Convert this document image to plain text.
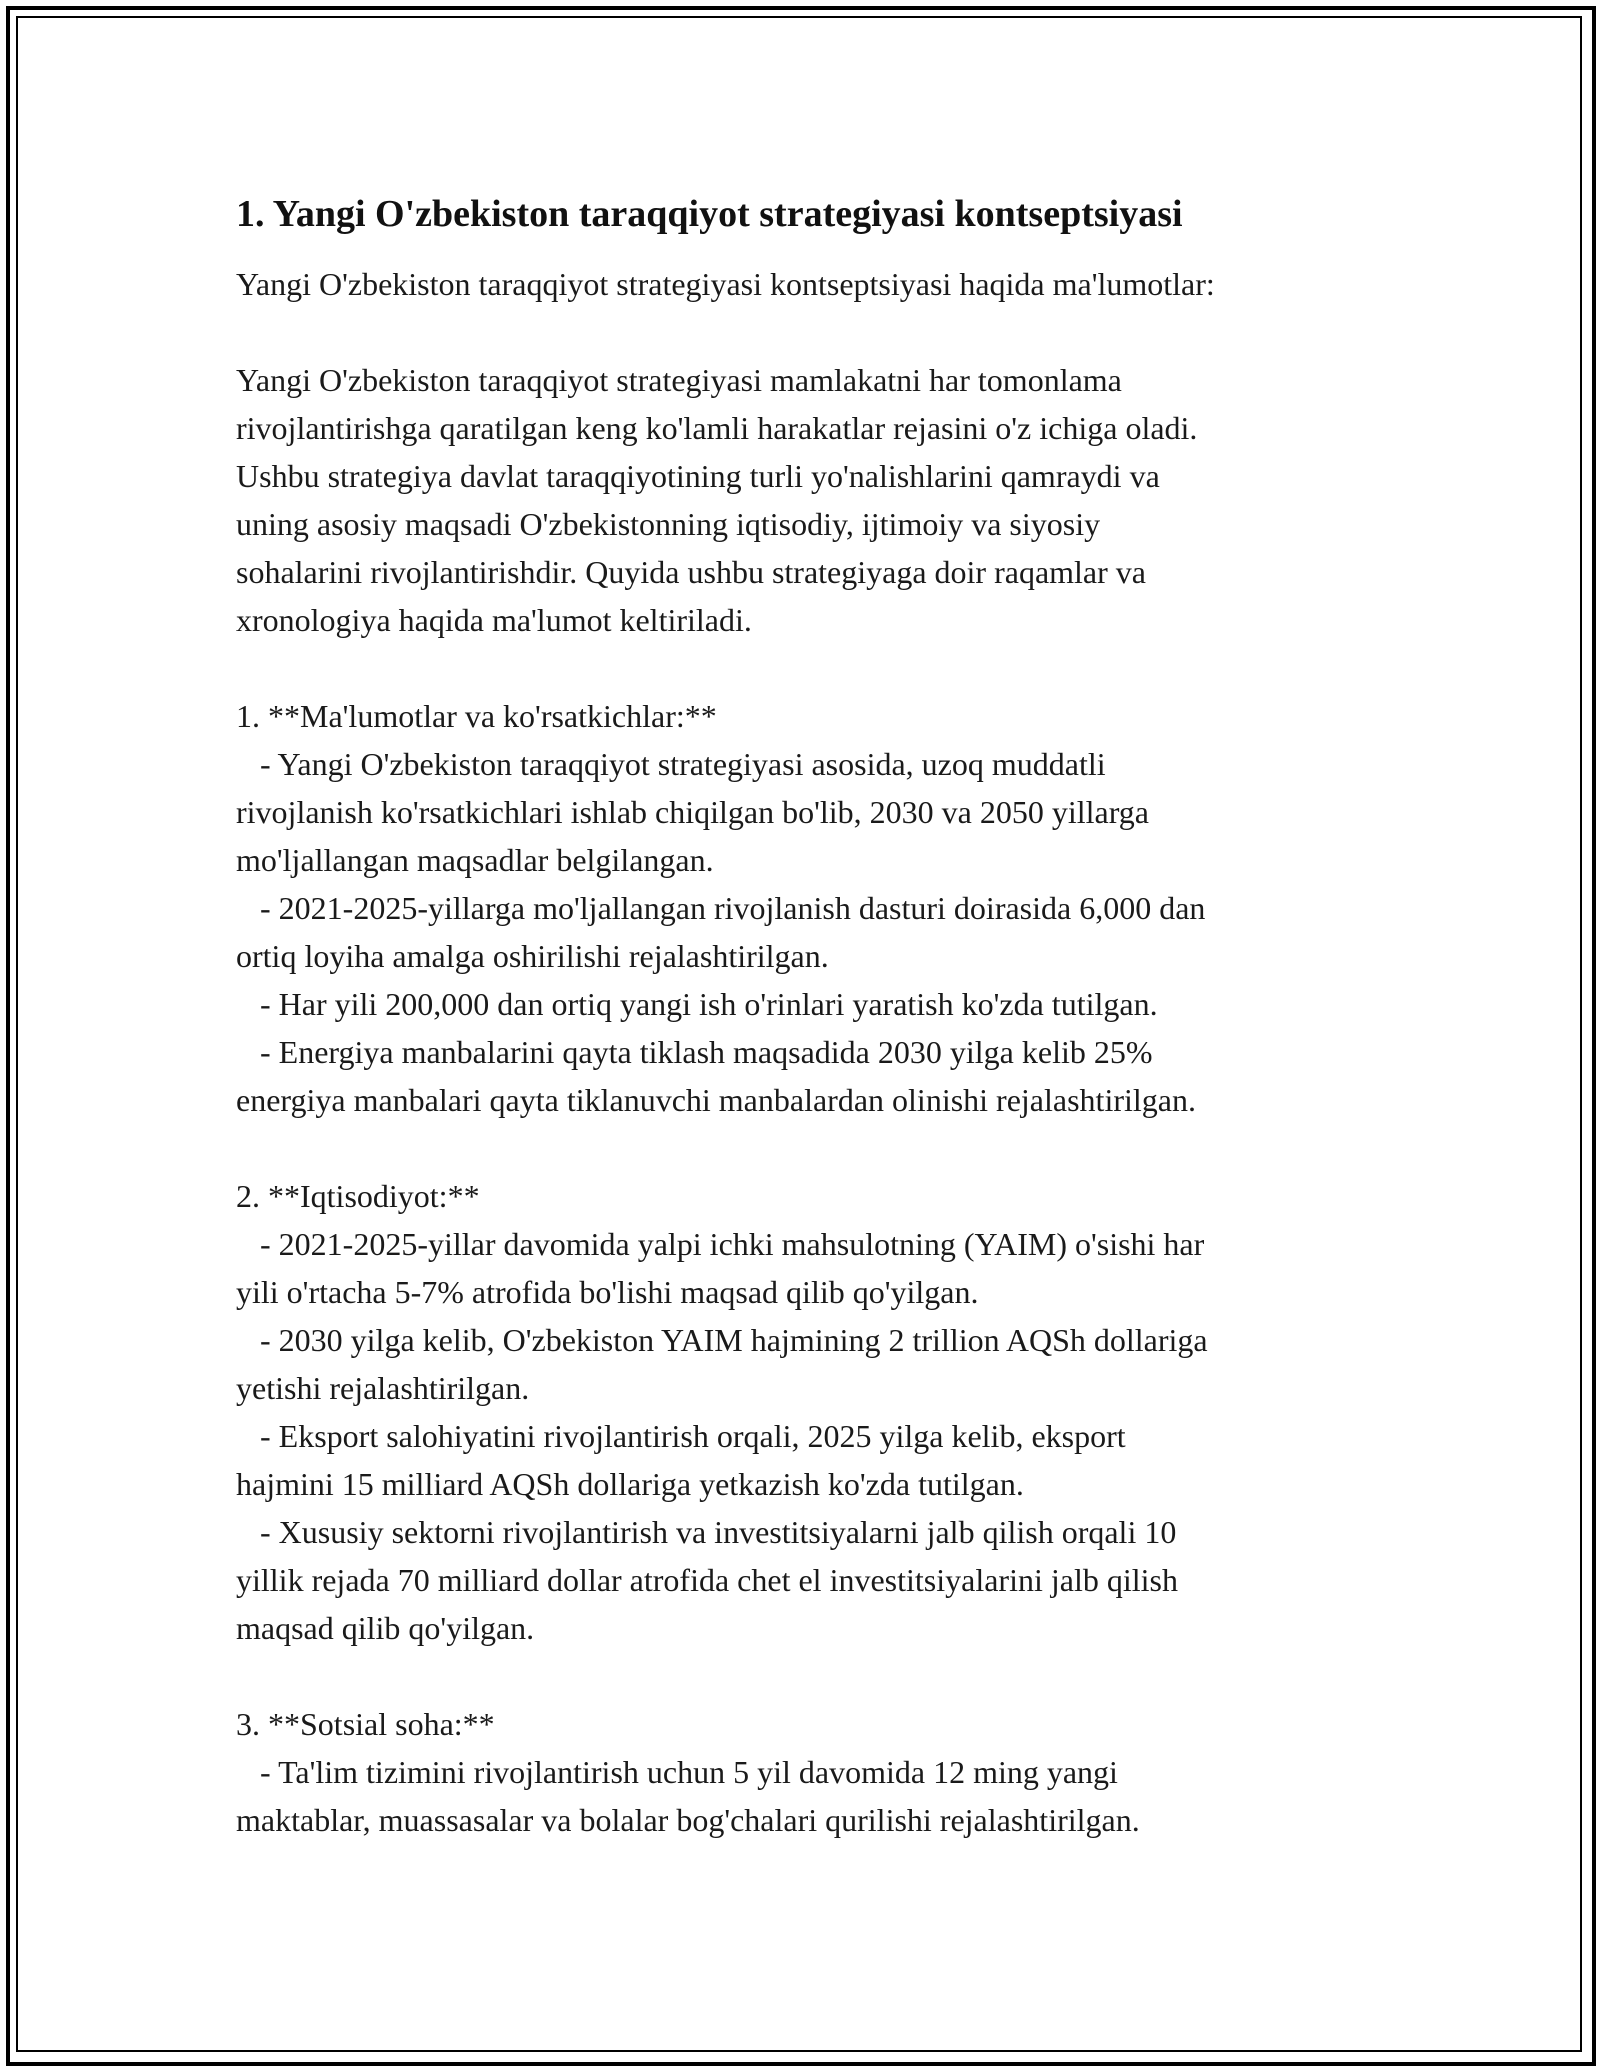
1. Yangi O'zbekiston taraqqiyot strategiyasi kontseptsiyasi
Yangi O'zbekiston taraqqiyot strategiyasi kontseptsiyasi haqida ma'lumotlar:
Yangi O'zbekiston taraqqiyot strategiyasi mamlakatni har tomonlama
rivojlantirishga qaratilgan keng ko'lamli harakatlar rejasini o'z ichiga oladi.
Ushbu strategiya davlat taraqqiyotining turli yo'nalishlarini qamraydi va
uning asosiy maqsadi O'zbekistonning iqtisodiy, ijtimoiy va siyosiy
sohalarini rivojlantirishdir. Quyida ushbu strategiyaga doir raqamlar va
xronologiya haqida ma'lumot keltiriladi.
1. **Ma'lumotlar va ko'rsatkichlar:**
- Yangi O'zbekiston taraqqiyot strategiyasi asosida, uzoq muddatli
rivojlanish ko'rsatkichlari ishlab chiqilgan bo'lib, 2030 va 2050 yillarga
mo'ljallangan maqsadlar belgilangan.
- 2021-2025-yillarga mo'ljallangan rivojlanish dasturi doirasida 6,000 dan
ortiq loyiha amalga oshirilishi rejalashtirilgan.
- Har yili 200,000 dan ortiq yangi ish o'rinlari yaratish ko'zda tutilgan.
- Energiya manbalarini qayta tiklash maqsadida 2030 yilga kelib 25%
energiya manbalari qayta tiklanuvchi manbalardan olinishi rejalashtirilgan.
2. **Iqtisodiyot:**
- 2021-2025-yillar davomida yalpi ichki mahsulotning (YAIM) o'sishi har
yili o'rtacha 5-7% atrofida bo'lishi maqsad qilib qo'yilgan.
- 2030 yilga kelib, O'zbekiston YAIM hajmining 2 trillion AQSh dollariga
yetishi rejalashtirilgan.
- Eksport salohiyatini rivojlantirish orqali, 2025 yilga kelib, eksport
hajmini 15 milliard AQSh dollariga yetkazish ko'zda tutilgan.
- Xususiy sektorni rivojlantirish va investitsiyalarni jalb qilish orqali 10
yillik rejada 70 milliard dollar atrofida chet el investitsiyalarini jalb qilish
maqsad qilib qo'yilgan.
3. **Sotsial soha:**
- Ta'lim tizimini rivojlantirish uchun 5 yil davomida 12 ming yangi
maktablar, muassasalar va bolalar bog'chalari qurilishi rejalashtirilgan.
